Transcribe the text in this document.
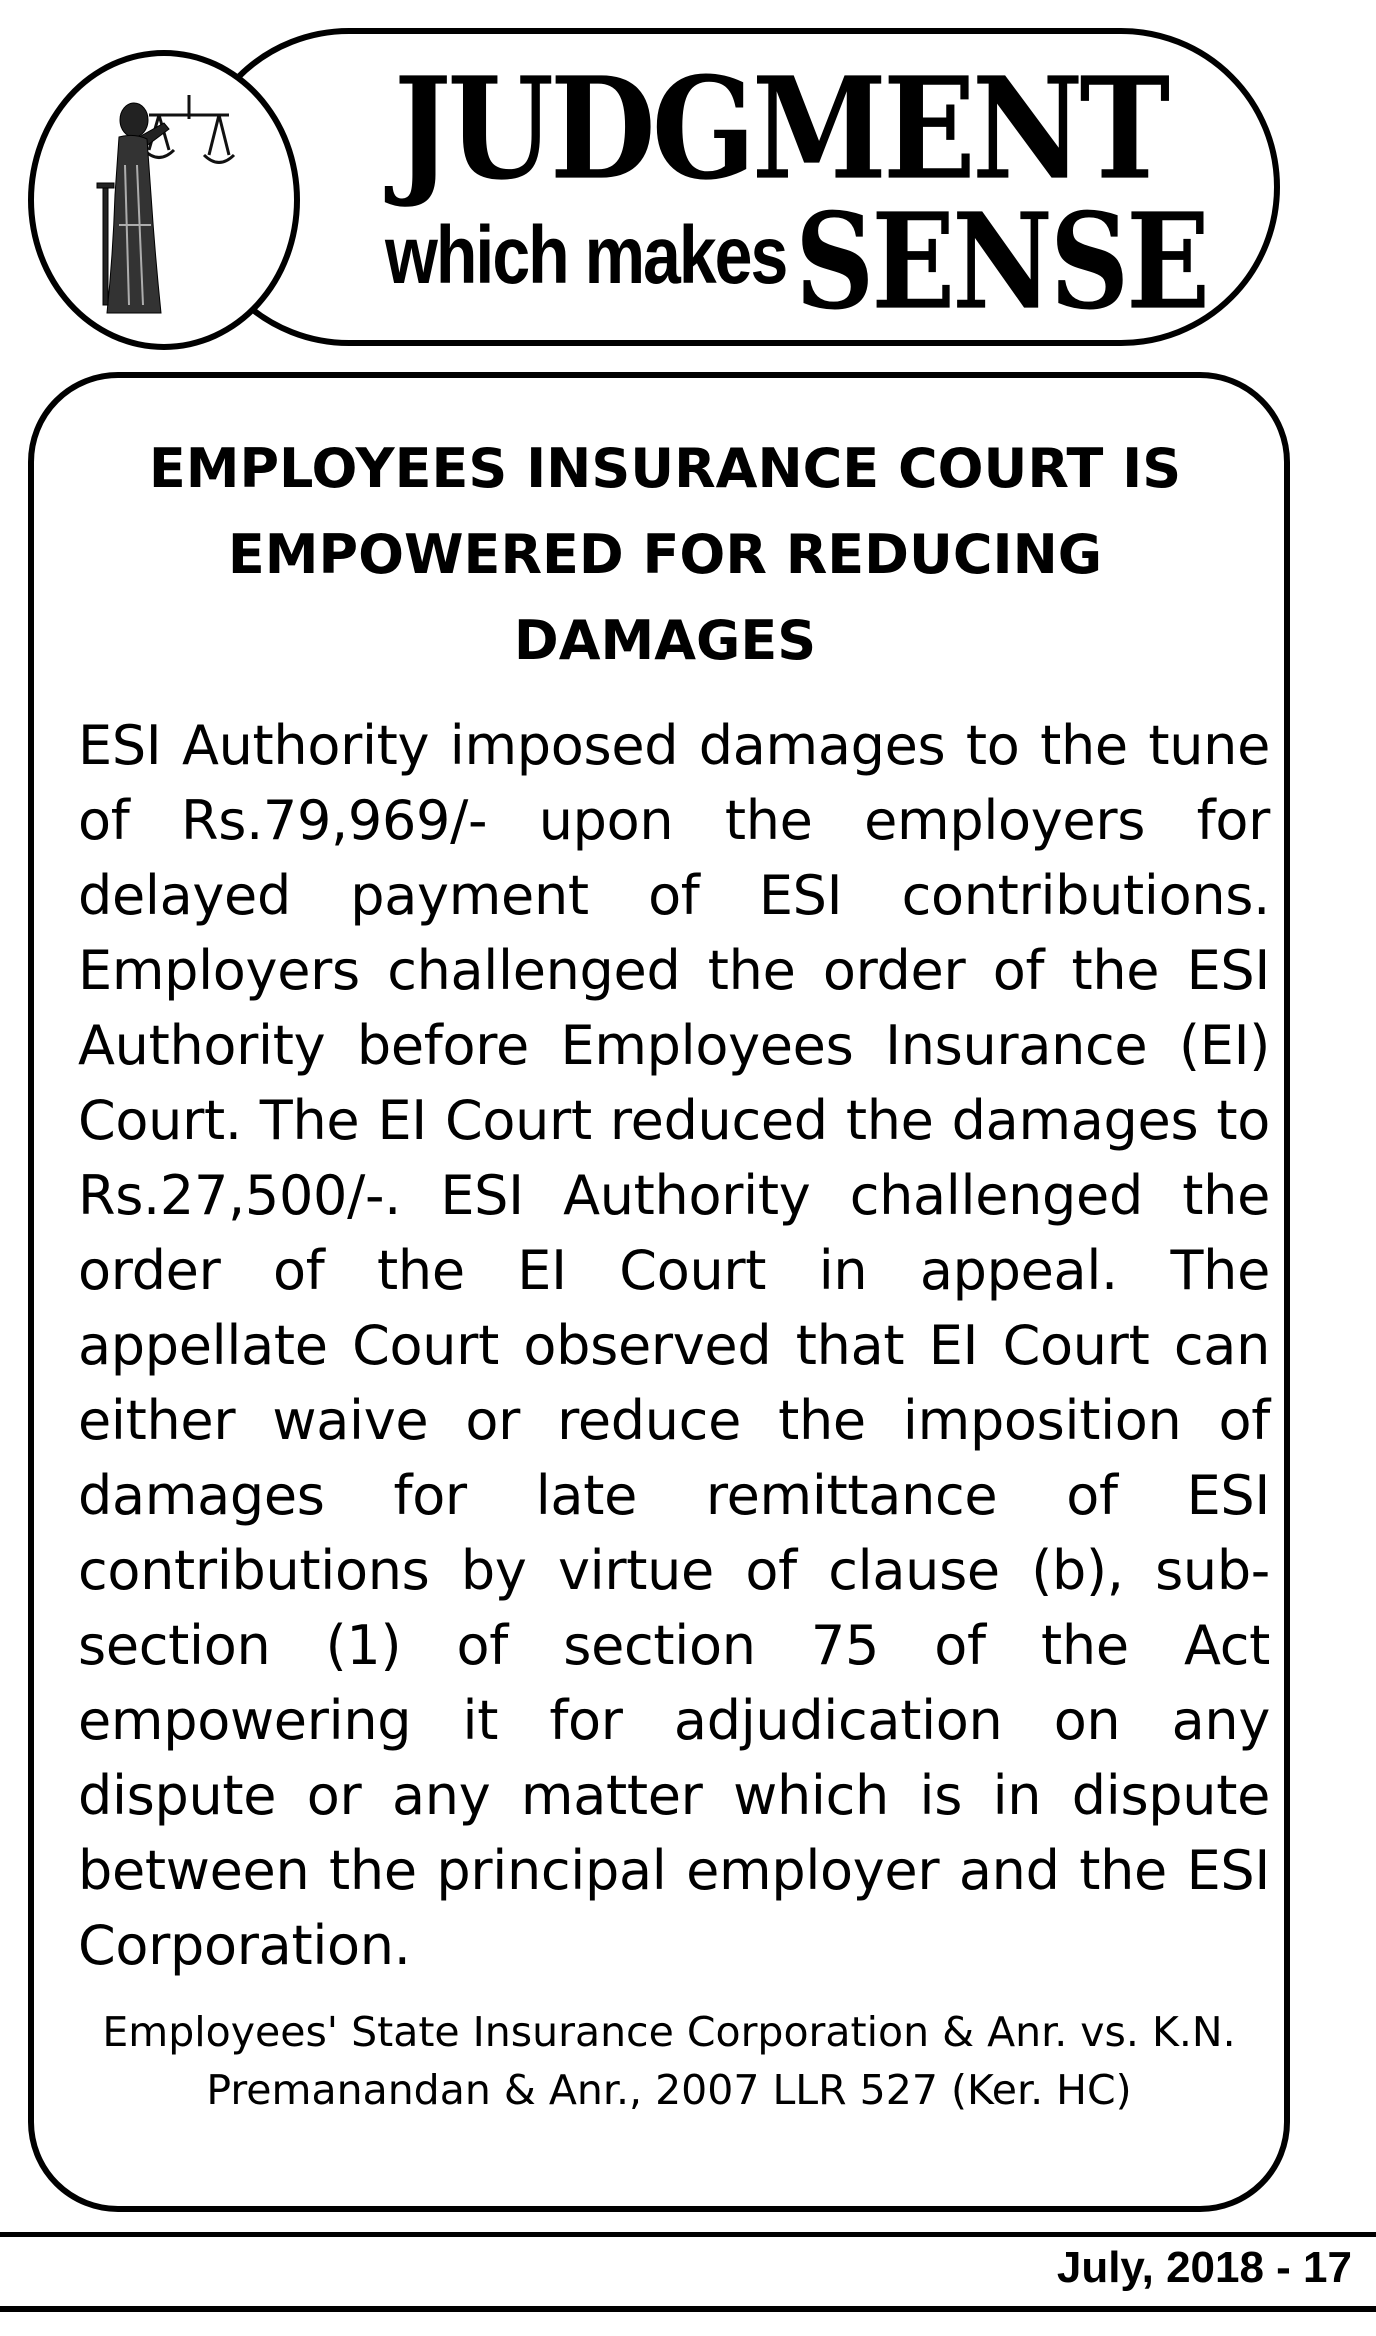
JUDGMENT
which makes SENSE
EMPLOYEES INSURANCE COURT IS
EMPOWERED FOR REDUCING
DAMAGES
ESI Authority imposed damages to the tune of Rs.79,969/- upon the employers for delayed payment of ESI contributions. Employers challenged the order of the ESI Authority before Employees Insurance (EI) Court. The EI Court reduced the damages to Rs.27,500/-. ESI Authority challenged the order of the EI Court in appeal. The appellate Court observed that EI Court can either waive or reduce the imposition of damages for late remittance of ESI contributions by virtue of clause (b), sub-section (1) of section 75 of the Act empowering it for adjudication on any dispute or any matter which is in dispute between the principal employer and the ESI Corporation.
Employees' State Insurance Corporation & Anr. vs. K.N. Premanandan & Anr., 2007 LLR 527 (Ker. HC)
July, 2018 - 17
